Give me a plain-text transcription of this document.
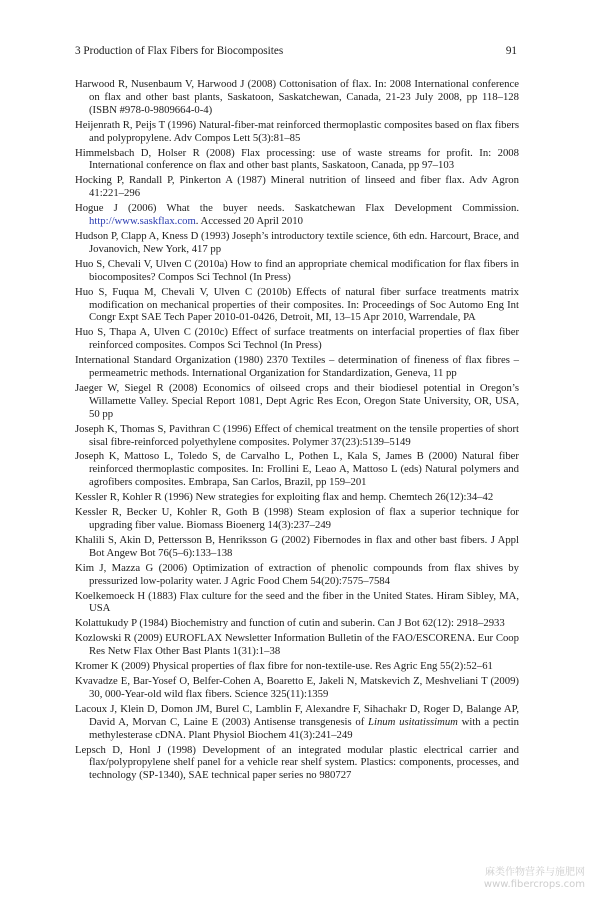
3 Production of Flax Fibers for Biocomposites	91

Harwood R, Nusenbaum V, Harwood J (2008) Cottonisation of flax. In: 2008 International conference on flax and other bast plants, Saskatoon, Saskatchewan, Canada, 21-23 July 2008, pp 118–128 (ISBN #978-0-9809664-0-4)

Heijenrath R, Peijs T (1996) Natural-fiber-mat reinforced thermoplastic composites based on flax fibers and polypropylene. Adv Compos Lett 5(3):81–85

Himmelsbach D, Holser R (2008) Flax processing: use of waste streams for profit. In: 2008 International conference on flax and other bast plants, Saskatoon, Canada, pp 97–103

Hocking P, Randall P, Pinkerton A (1987) Mineral nutrition of linseed and fiber flax. Adv Agron 41:221–296

Hogue J (2006) What the buyer needs. Saskatchewan Flax Development Commission. http://www.saskflax.com. Accessed 20 April 2010

Hudson P, Clapp A, Kness D (1993) Joseph’s introductory textile science, 6th edn. Harcourt, Brace, and Jovanovich, New York, 417 pp

Huo S, Chevali V, Ulven C (2010a) How to find an appropriate chemical modification for flax fibers in biocomposites? Compos Sci Technol (In Press)

Huo S, Fuqua M, Chevali V, Ulven C (2010b) Effects of natural fiber surface treatments matrix modification on mechanical properties of their composites. In: Proceedings of Soc Automo Eng Int Congr Expt SAE Tech Paper 2010-01-0426, Detroit, MI, 13–15 Apr 2010, Warrendale, PA

Huo S, Thapa A, Ulven C (2010c) Effect of surface treatments on interfacial properties of flax fiber reinforced composites. Compos Sci Technol (In Press)

International Standard Organization (1980) 2370 Textiles – determination of fineness of flax fibres – permeametric methods. International Organization for Standardization, Geneva, 11 pp

Jaeger W, Siegel R (2008) Economics of oilseed crops and their biodiesel potential in Oregon’s Willamette Valley. Special Report 1081, Dept Agric Res Econ, Oregon State University, OR, USA, 50 pp

Joseph K, Thomas S, Pavithran C (1996) Effect of chemical treatment on the tensile properties of short sisal fibre-reinforced polyethylene composites. Polymer 37(23):5139–5149

Joseph K, Mattoso L, Toledo S, de Carvalho L, Pothen L, Kala S, James B (2000) Natural fiber reinforced thermoplastic composites. In: Frollini E, Leao A, Mattoso L (eds) Natural polymers and agrofibers composites. Embrapa, San Carlos, Brazil, pp 159–201

Kessler R, Kohler R (1996) New strategies for exploiting flax and hemp. Chemtech 26(12):34–42

Kessler R, Becker U, Kohler R, Goth B (1998) Steam explosion of flax a superior technique for upgrading fiber value. Biomass Bioenerg 14(3):237–249

Khalili S, Akin D, Pettersson B, Henriksson G (2002) Fibernodes in flax and other bast fibers. J Appl Bot Angew Bot 76(5–6):133–138

Kim J, Mazza G (2006) Optimization of extraction of phenolic compounds from flax shives by pressurized low-polarity water. J Agric Food Chem 54(20):7575–7584

Koelkemoeck H (1883) Flax culture for the seed and the fiber in the United States. Hiram Sibley, MA, USA

Kolattukudy P (1984) Biochemistry and function of cutin and suberin. Can J Bot 62(12): 2918–2933

Kozlowski R (2009) EUROFLAX Newsletter Information Bulletin of the FAO/ESCORENA. Eur Coop Res Netw Flax Other Bast Plants 1(31):1–38

Kromer K (2009) Physical properties of flax fibre for non-textile-use. Res Agric Eng 55(2):52–61

Kvavadze E, Bar-Yosef O, Belfer-Cohen A, Boaretto E, Jakeli N, Matskevich Z, Meshveliani T (2009) 30, 000-Year-old wild flax fibers. Science 325(11):1359

Lacoux J, Klein D, Domon JM, Burel C, Lamblin F, Alexandre F, Sihachakr D, Roger D, Balange AP, David A, Morvan C, Laine E (2003) Antisense transgenesis of Linum usitatissimum with a pectin methylesterase cDNA. Plant Physiol Biochem 41(3):241–249

Lepsch D, Honl J (1998) Development of an integrated modular plastic electrical carrier and flax/polypropylene shelf panel for a vehicle rear shelf system. Plastics: components, processes, and technology (SP-1340), SAE technical paper series no 980727

麻类作物营养与施肥网
www.fibercrops.com
